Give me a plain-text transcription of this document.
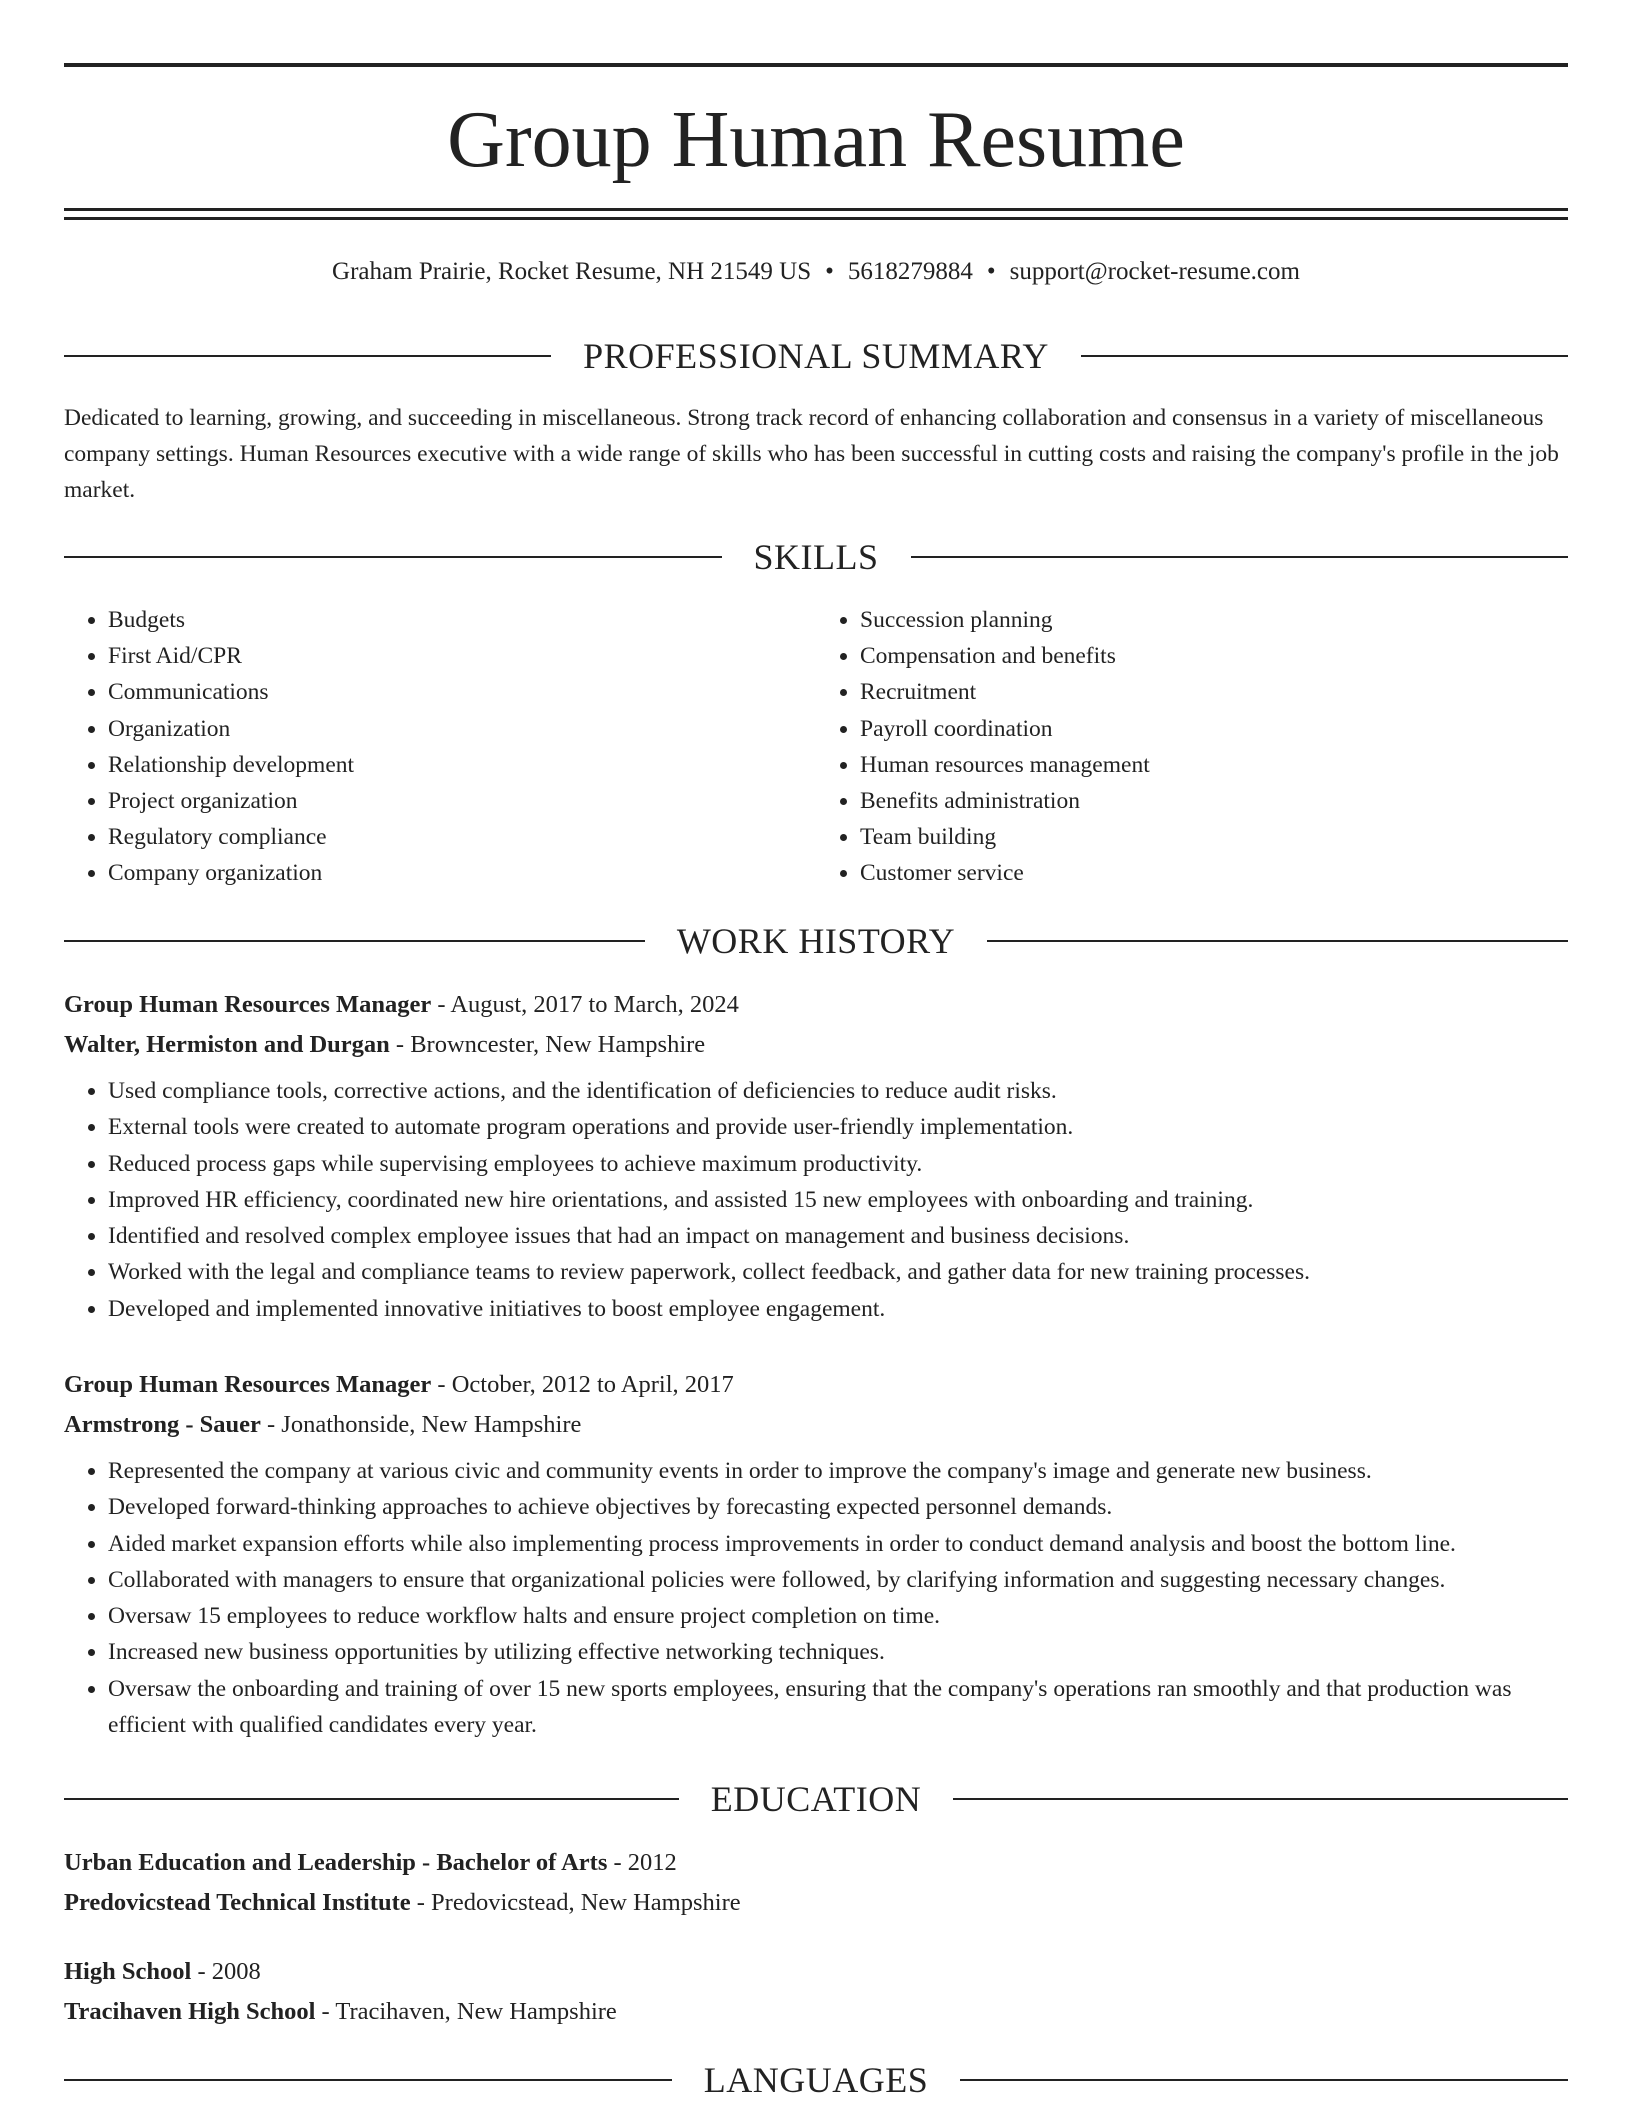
Group Human Resume
Graham Prairie, Rocket Resume, NH 21549 US • 5618279884 • support@rocket-resume.com
PROFESSIONAL SUMMARY

Dedicated to learning, growing, and succeeding in miscellaneous. Strong track record of enhancing collaboration and consensus in a variety of miscellaneous company settings. Human Resources executive with a wide range of skills who has been successful in cutting costs and raising the company's profile in the job market.

SKILLS
• Budgets
• First Aid/CPR
• Communications
• Organization
• Relationship development
• Project organization
• Regulatory compliance
• Company organization
• Succession planning
• Compensation and benefits
• Recruitment
• Payroll coordination
• Human resources management
• Benefits administration
• Team building
• Customer service
WORK HISTORY
Group Human Resources Manager - August, 2017 to March, 2024
Walter, Hermiston and Durgan - Browncester, New Hampshire
• Used compliance tools, corrective actions, and the identification of deficiencies to reduce audit risks.
• External tools were created to automate program operations and provide user-friendly implementation.
• Reduced process gaps while supervising employees to achieve maximum productivity.
• Improved HR efficiency, coordinated new hire orientations, and assisted 15 new employees with onboarding and training.
• Identified and resolved complex employee issues that had an impact on management and business decisions.
• Worked with the legal and compliance teams to review paperwork, collect feedback, and gather data for new training processes.
• Developed and implemented innovative initiatives to boost employee engagement.
Group Human Resources Manager - October, 2012 to April, 2017
Armstrong - Sauer - Jonathonside, New Hampshire
• Represented the company at various civic and community events in order to improve the company's image and generate new business.
• Developed forward-thinking approaches to achieve objectives by forecasting expected personnel demands.
• Aided market expansion efforts while also implementing process improvements in order to conduct demand analysis and boost the bottom line.
• Collaborated with managers to ensure that organizational policies were followed, by clarifying information and suggesting necessary changes.
• Oversaw 15 employees to reduce workflow halts and ensure project completion on time.
• Increased new business opportunities by utilizing effective networking techniques.
• Oversaw the onboarding and training of over 15 new sports employees, ensuring that the company's operations ran smoothly and that production was efficient with qualified candidates every year.
EDUCATION
Urban Education and Leadership - Bachelor of Arts - 2012
Predovicstead Technical Institute - Predovicstead, New Hampshire
High School - 2008
Tracihaven High School - Tracihaven, New Hampshire
LANGUAGES
